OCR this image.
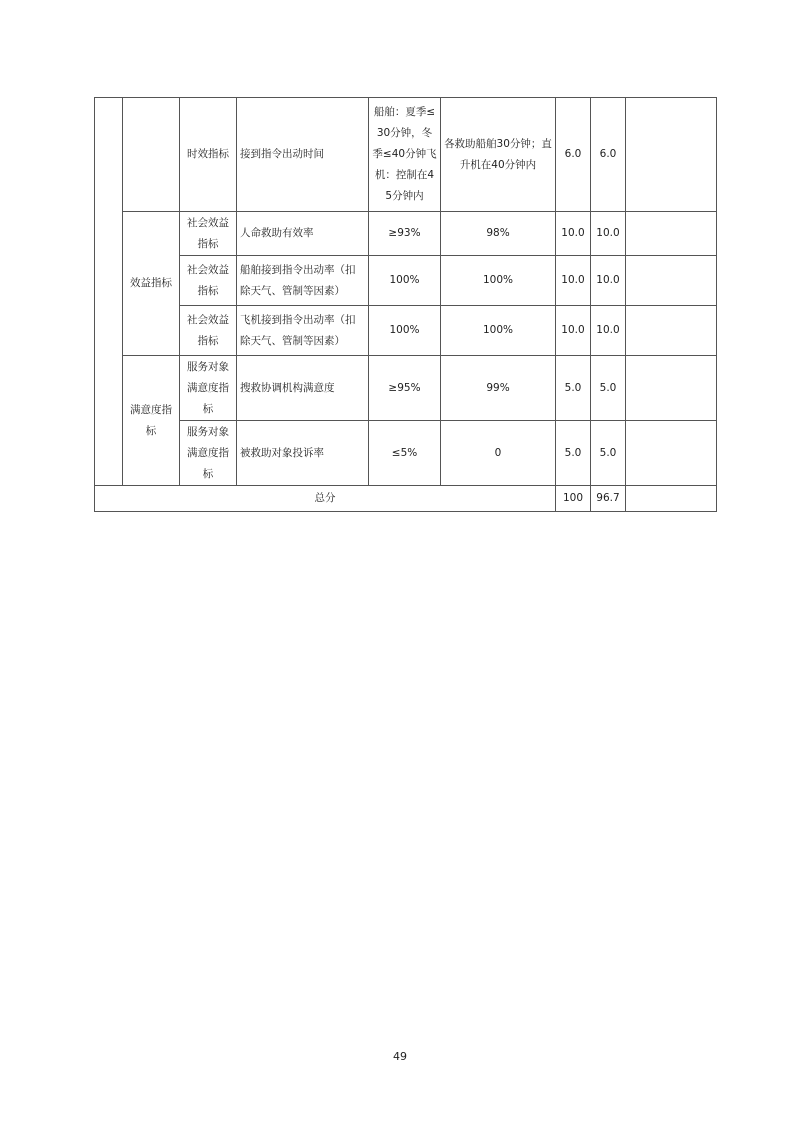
		时效指标	接到指令出动时间	船舶：夏季≤30分钟，冬季≤40分钟飞机：控制在45分钟内	各救助船舶30分钟；直升机在40分钟内	6.0	6.0	
	效益指标	社会效益指标	人命救助有效率	≥93%	98%	10.0	10.0	
		社会效益指标	船舶接到指令出动率（扣除天气、管制等因素）	100%	100%	10.0	10.0	
		社会效益指标	飞机接到指令出动率（扣除天气、管制等因素）	100%	100%	10.0	10.0	
	满意度指标	服务对象满意度指标	搜救协调机构满意度	≥95%	99%	5.0	5.0	
		服务对象满意度指标	被救助对象投诉率	≤5%	0	5.0	5.0	
总分						100	96.7	
49
